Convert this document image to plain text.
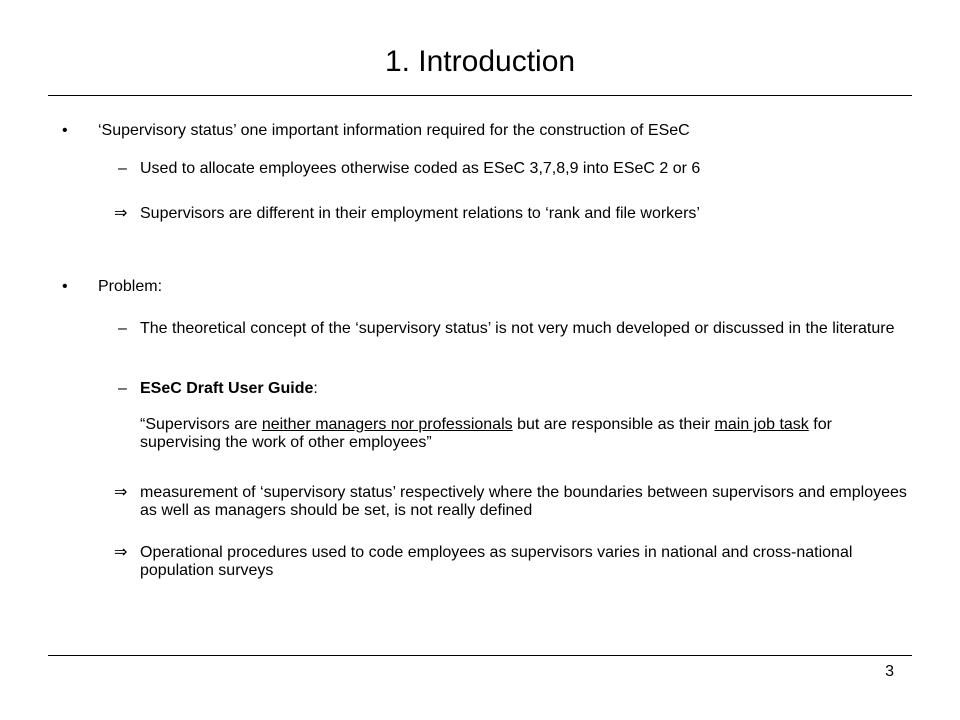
1. Introduction
• ‘Supervisory status’ one important information required for the construction of ESeC
– Used to allocate employees otherwise coded as ESeC 3,7,8,9 into ESeC 2 or 6
⇒ Supervisors are different in their employment relations to ‘rank and file workers’
• Problem:
– The theoretical concept of the ‘supervisory status’ is not very much developed or discussed in the literature
– ESeC Draft User Guide:
“Supervisors are neither managers nor professionals but are responsible as their main job task for supervising the work of other employees”
⇒ measurement of ‘supervisory status’ respectively where the boundaries between supervisors and employees as well as managers should be set, is not really defined
⇒ Operational procedures used to code employees as supervisors varies in national and cross-national population surveys
3
